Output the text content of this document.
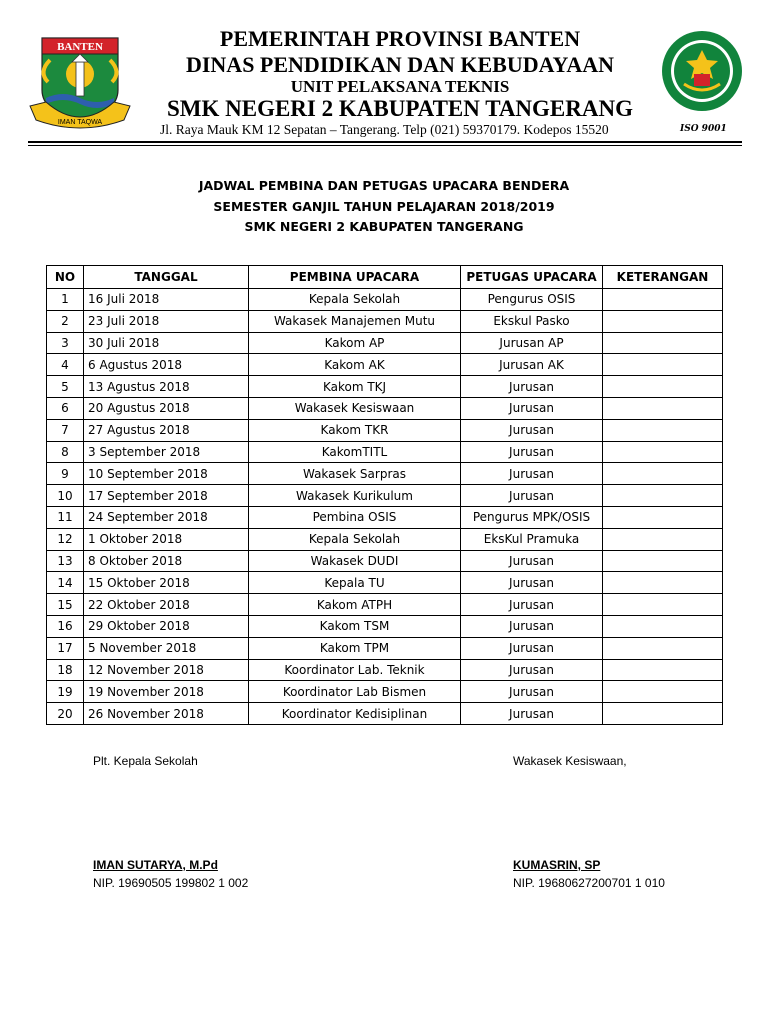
BANTEN
IMAN TAQWA
PEMERINTAH PROVINSI BANTEN
DINAS PENDIDIKAN DAN KEBUDAYAAN
UNIT PELAKSANA TEKNIS
SMK NEGERI 2 KABUPATEN TANGERANG
Jl. Raya Mauk KM 12 Sepatan – Tangerang. Telp (021) 59370179. Kodepos 15520	ISO 9001
JADWAL PEMBINA DAN PETUGAS UPACARA BENDERA
SEMESTER GANJIL TAHUN PELAJARAN 2018/2019
SMK NEGERI 2 KABUPATEN TANGERANG
NO	TANGGAL	PEMBINA UPACARA	PETUGAS UPACARA	KETERANGAN
1	16 Juli 2018	Kepala Sekolah	Pengurus OSIS	
2	23 Juli 2018	Wakasek Manajemen Mutu	Ekskul Pasko	
3	30 Juli 2018	Kakom AP	Jurusan AP	
4	6 Agustus 2018	Kakom AK	Jurusan AK	
5	13 Agustus 2018	Kakom TKJ	Jurusan	
6	20 Agustus 2018	Wakasek Kesiswaan	Jurusan	
7	27 Agustus 2018	Kakom TKR	Jurusan	
8	3 September 2018	KakomTITL	Jurusan	
9	10 September 2018	Wakasek Sarpras	Jurusan	
10	17 September 2018	Wakasek Kurikulum	Jurusan	
11	24 September 2018	Pembina OSIS	Pengurus MPK/OSIS	
12	1 Oktober 2018	Kepala Sekolah	EksKul Pramuka	
13	8 Oktober 2018	Wakasek DUDI	Jurusan	
14	15 Oktober 2018	Kepala TU	Jurusan	
15	22 Oktober 2018	Kakom ATPH	Jurusan	
16	29 Oktober 2018	Kakom TSM	Jurusan	
17	5 November 2018	Kakom TPM	Jurusan	
18	12 November 2018	Koordinator Lab. Teknik	Jurusan	
19	19 November 2018	Koordinator Lab Bismen	Jurusan	
20	26 November 2018	Koordinator Kedisiplinan	Jurusan	
Plt. Kepala Sekolah
IMAN SUTARYA, M.Pd
NIP. 19690505 199802 1 002
Wakasek Kesiswaan,
KUMASRIN, SP
NIP. 19680627200701 1 010
